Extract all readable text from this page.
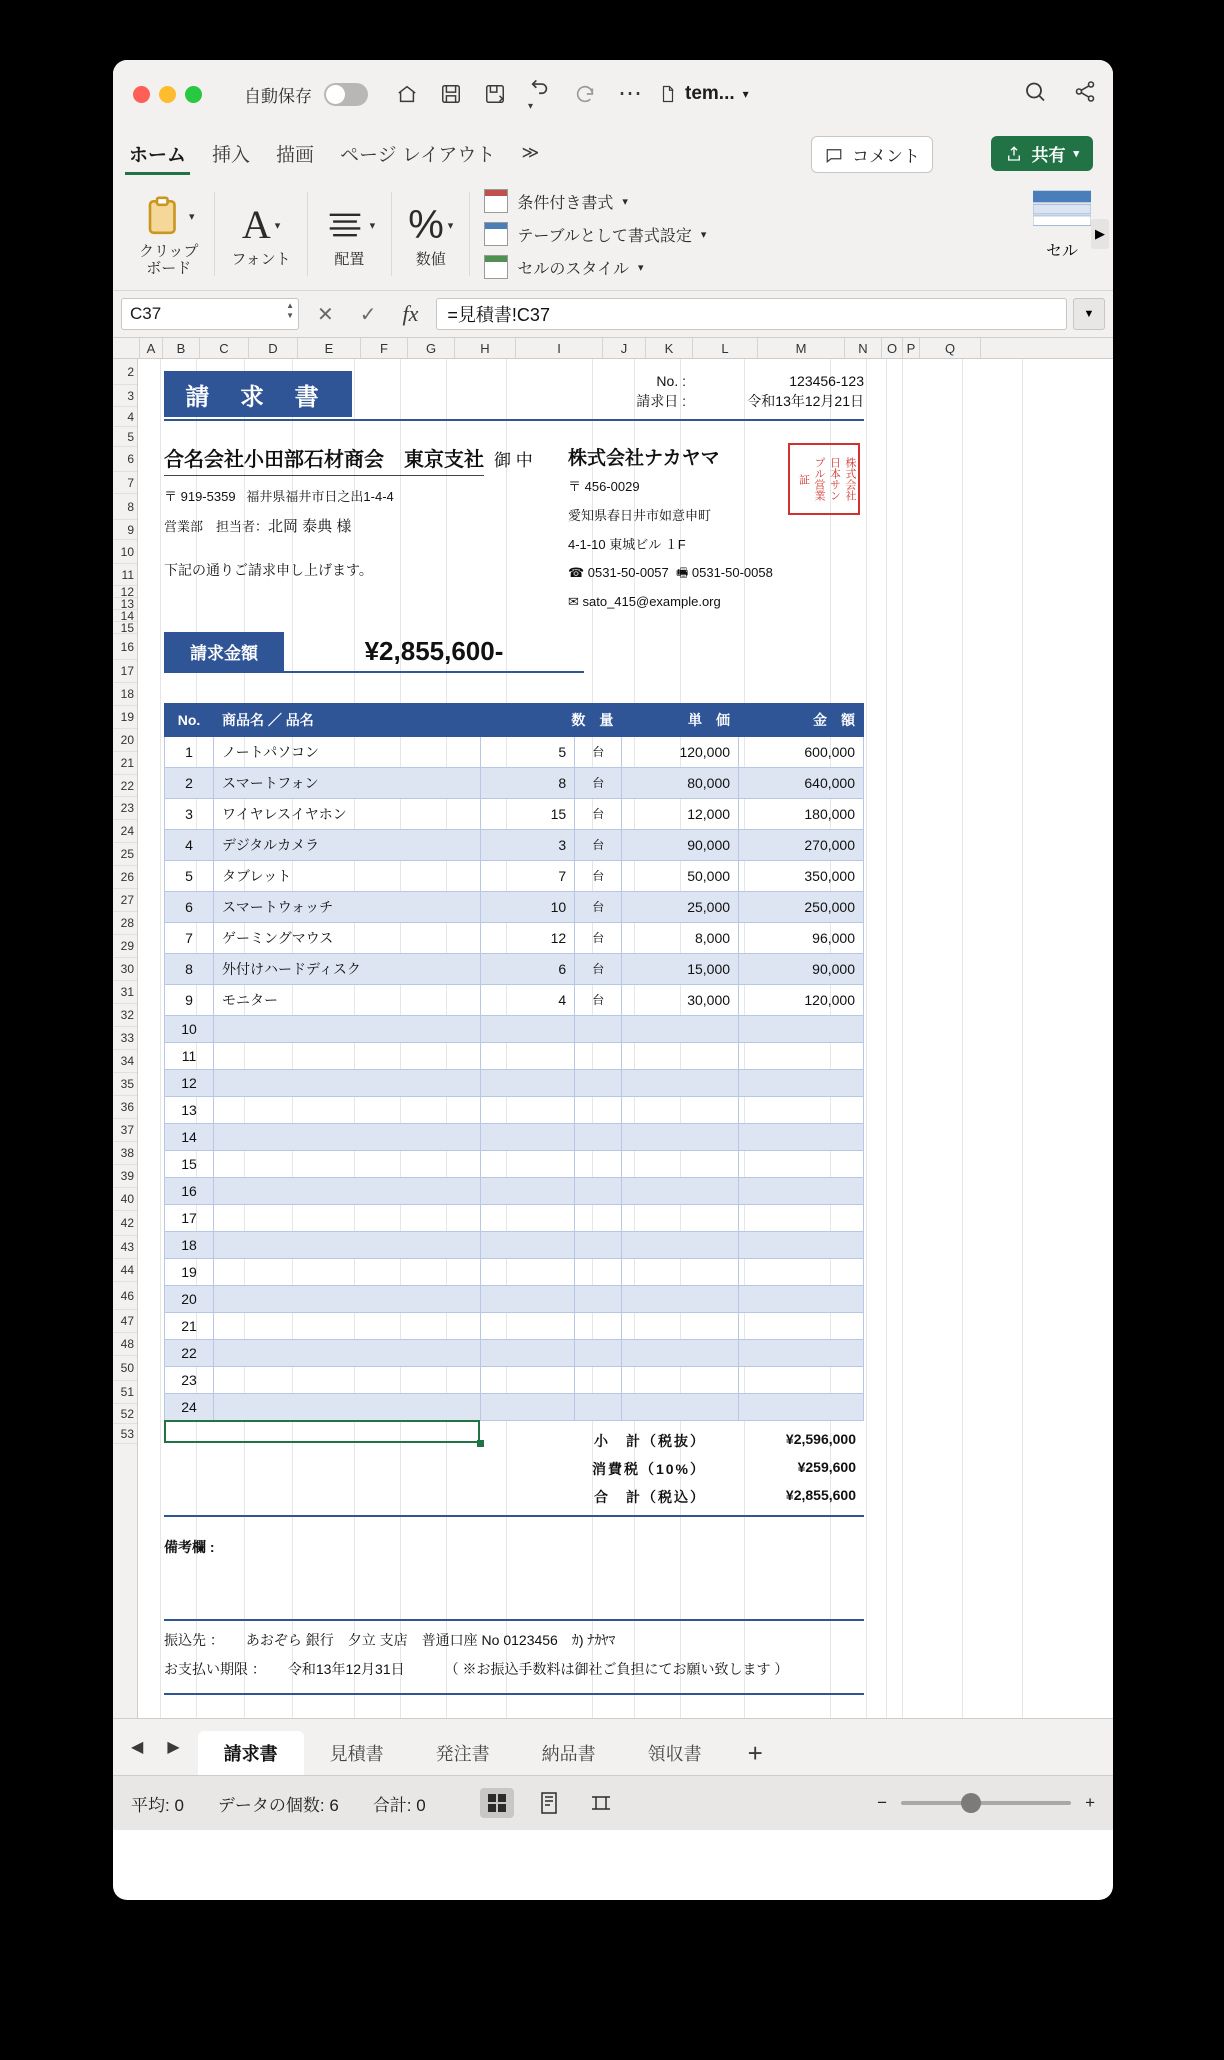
自動保存
▾	⋯ tem... ▾
ホーム 挿入 描画 ページ レイアウト ≫	コメント	共有 ▾
▾
クリップ
ボード
A ▾
フォント
▾
配置
% ▾
数値
条件付き書式 ▾
テーブルとして書式設定 ▾
セルのスタイル ▾
セル
▶
C37	▲
▼ ✕ ✓ fx	=見積書!C37	▼
A	B	C	D	E	F	G	H	I	J	K	L	M	N	O P	Q
2
3
4
5
6
7
8
9
10
11
12
13
14
15
16
17
18
19
20
21
22
23
24
25
26
27
28
29
30
31
32
33
34
35
36
37
38
39
40
42
43
44
46
47
48
50
51
52
53
請 求 書
No. :	123456-123
請求日 :	令和13年12月21日
合名会社小田部石材商会　東京支社 御 中
〒 919-5359 福井県福井市日之出1-4-4
営業部　担当者：北岡 泰典 様
下記の通りご請求申し上げます。
株式会社ナカヤマ
〒 456-0029
愛知県春日井市如意申町
4-1-10 東城ビル １F
☎ 0531-50-0057 🖷 0531-50-0058
✉ sato_415@example.org
証 プル営業 日本サン 株式会社
請求金額	¥2,855,600-
No.	商品名 ／ 品名	数　量		単　価	金　額
1	ノートパソコン	5	台	120,000	600,000
2	スマートフォン	8	台	80,000	640,000
3	ワイヤレスイヤホン	15	台	12,000	180,000
4	デジタルカメラ	3	台	90,000	270,000
5	タブレット	7	台	50,000	350,000
6	スマートウォッチ	10	台	25,000	250,000
7	ゲーミングマウス	12	台	8,000	96,000
8	外付けハードディスク	6	台	15,000	90,000
9	モニター	4	台	30,000	120,000
10					
11					
12					
13					
14					
15					
16					
17					
18					
19					
20					
21					
22					
23					
24					
小　計（税抜）	¥2,596,000
消費税（10%）	¥259,600
合　計（税込）	¥2,855,600
備考欄 :
振込先 ： あおぞら 銀行　夕立 支店　普通口座 No 0123456　ｶ) ﾅｶﾔﾏ
お支払い期限 ： 令和13年12月31日	（ ※お振込手数料は御社ご負担にてお願い致します ）
◀ ▶	請求書	見積書	発注書	納品書	領収書	+
平均: 0 データの個数: 6 合計: 0	−	+
